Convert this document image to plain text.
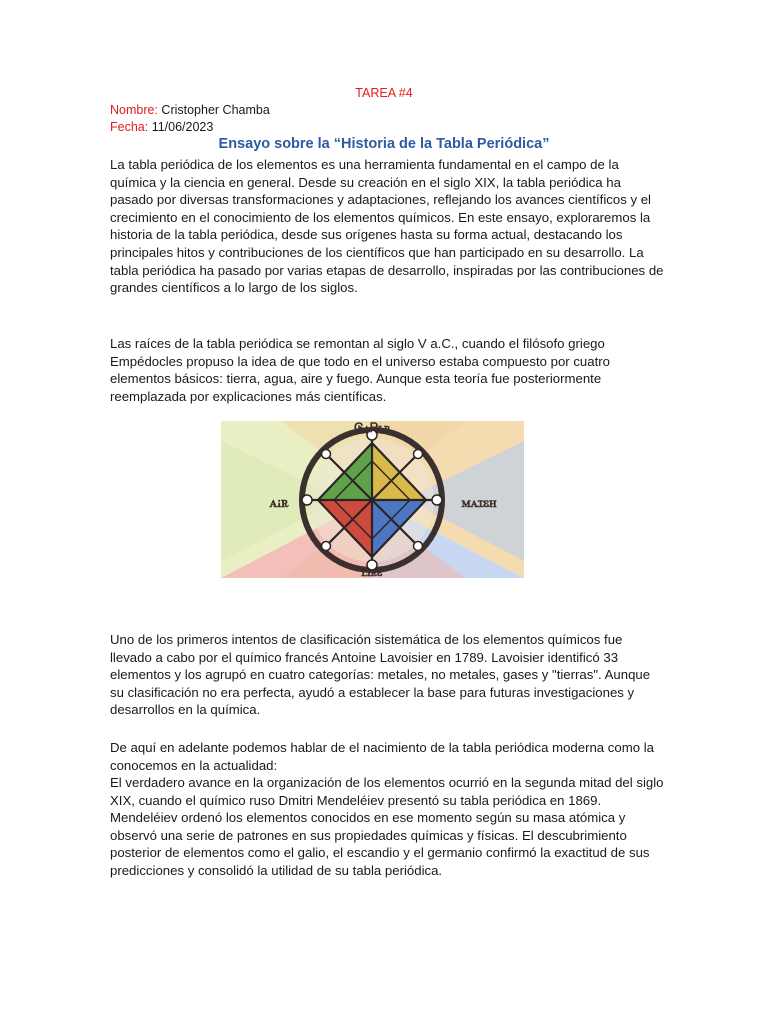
TAREA #4
Nombre: Cristopher Chamba
Fecha: 11/06/2023
Ensayo sobre la “Historia de la Tabla Periódica”

La tabla periódica de los elementos es una herramienta fundamental en el campo de la química y la ciencia en general. Desde su creación en el siglo XIX, la tabla periódica ha pasado por diversas transformaciones y adaptaciones, reflejando los avances científicos y el crecimiento en el conocimiento de los elementos químicos. En este ensayo, exploraremos la historia de la tabla periódica, desde sus orígenes hasta su forma actual, destacando los principales hitos y contribuciones de los científicos que han participado en su desarrollo. La tabla periódica ha pasado por varias etapas de desarrollo, inspiradas por las contribuciones de grandes científicos a lo largo de los siglos.

Las raíces de la tabla periódica se remontan al siglo V a.C., cuando el filósofo griego Empédocles propuso la idea de que todo en el universo estaba compuesto por cuatro elementos básicos: tierra, agua, aire y fuego. Aunque esta teoría fue posteriormente reemplazada por explicaciones más científicas.

ᎶꭺᏒꮮꮲ
ꭺꭵꭱ	ꮇꭺꮖꮛꮋ
ꮮꭵꭱꮛ

Uno de los primeros intentos de clasificación sistemática de los elementos químicos fue llevado a cabo por el químico francés Antoine Lavoisier en 1789. Lavoisier identificó 33 elementos y los agrupó en cuatro categorías: metales, no metales, gases y "tierras". Aunque su clasificación no era perfecta, ayudó a establecer la base para futuras investigaciones y desarrollos en la química.

De aquí en adelante podemos hablar de el nacimiento de la tabla periódica moderna como la conocemos en la actualidad:

El verdadero avance en la organización de los elementos ocurrió en la segunda mitad del siglo XIX, cuando el químico ruso Dmitri Mendeléiev presentó su tabla periódica en 1869. Mendeléiev ordenó los elementos conocidos en ese momento según su masa atómica y observó una serie de patrones en sus propiedades químicas y físicas. El descubrimiento posterior de elementos como el galio, el escandio y el germanio confirmó la exactitud de sus predicciones y consolidó la utilidad de su tabla periódica.
